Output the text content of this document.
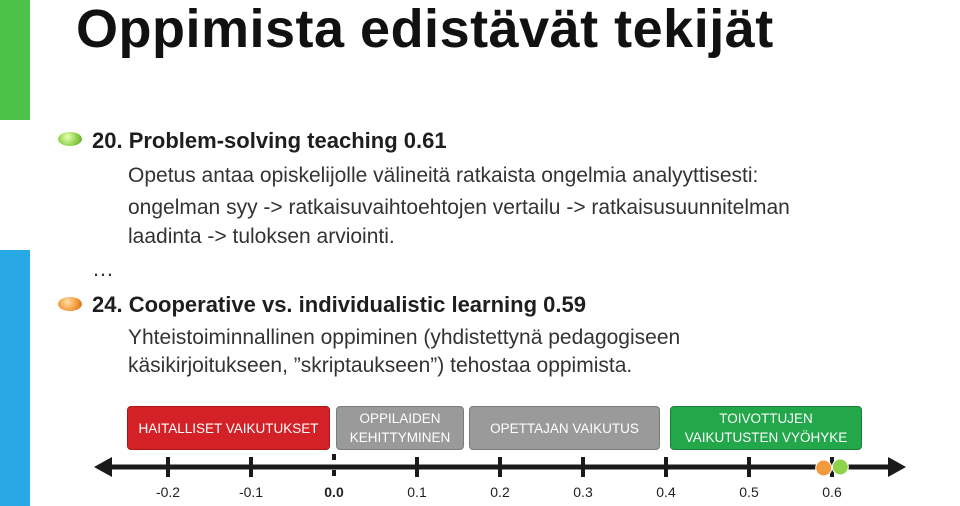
Oppimista edistävät tekijät
20. Problem-solving teaching 0.61
Opetus antaa opiskelijolle välineitä ratkaista ongelmia analyyttisesti:
ongelman syy -> ratkaisuvaihtoehtojen vertailu -> ratkaisusuunnitelman
laadinta -> tuloksen arviointi.
…
24. Cooperative vs. individualistic learning 0.59
Yhteistoiminnallinen oppiminen (yhdistettynä pedagogiseen
käsikirjoitukseen, ”skriptaukseen”) tehostaa oppimista.
HAITALLISET VAIKUTUKSET
OPPILAIDEN
KEHITTYMINEN
OPETTAJAN VAIKUTUS
TOIVOTTUJEN
VAIKUTUSTEN VYÖHYKE
-0.2	-0.1	0.0	0.1	0.2	0.3	0.4	0.5	0.6
